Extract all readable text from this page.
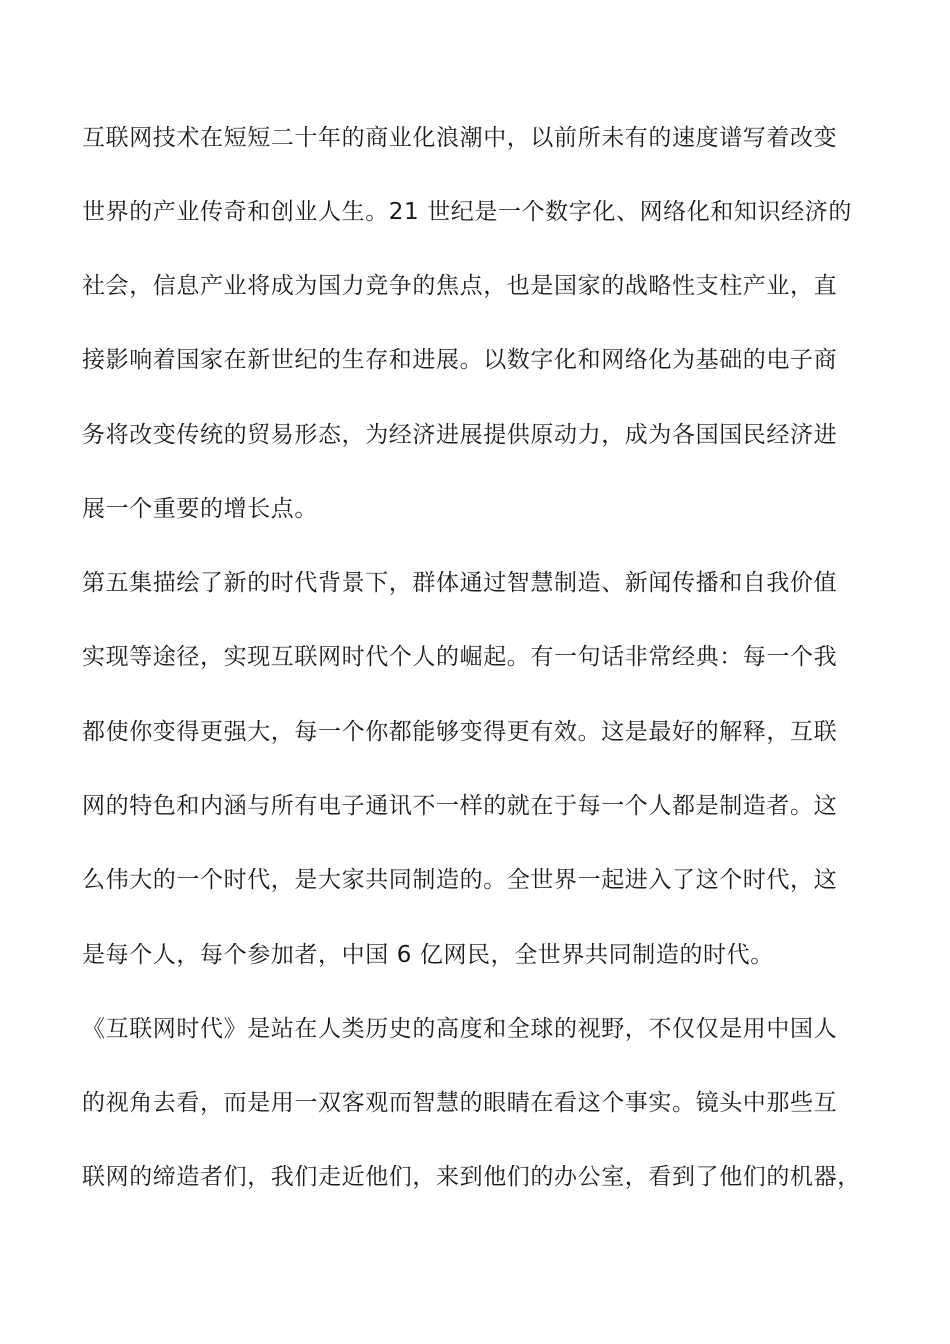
互联网技术在短短二十年的商业化浪潮中，以前所未有的速度谱写着改变
世界的产业传奇和创业人生。21 世纪是一个数字化、网络化和知识经济的
社会，信息产业将成为国力竞争的焦点，也是国家的战略性支柱产业，直
接影响着国家在新世纪的生存和进展。以数字化和网络化为基础的电子商
务将改变传统的贸易形态，为经济进展提供原动力，成为各国国民经济进
展一个重要的增长点。
第五集描绘了新的时代背景下，群体通过智慧制造、新闻传播和自我价值
实现等途径，实现互联网时代个人的崛起。有一句话非常经典：每一个我
都使你变得更强大，每一个你都能够变得更有效。这是最好的解释，互联
网的特色和内涵与所有电子通讯不一样的就在于每一个人都是制造者。这
么伟大的一个时代，是大家共同制造的。全世界一起进入了这个时代，这
是每个人，每个参加者，中国 6 亿网民，全世界共同制造的时代。
《互联网时代》是站在人类历史的高度和全球的视野，不仅仅是用中国人
的视角去看，而是用一双客观而智慧的眼睛在看这个事实。镜头中那些互
联网的缔造者们，我们走近他们，来到他们的办公室，看到了他们的机器，
